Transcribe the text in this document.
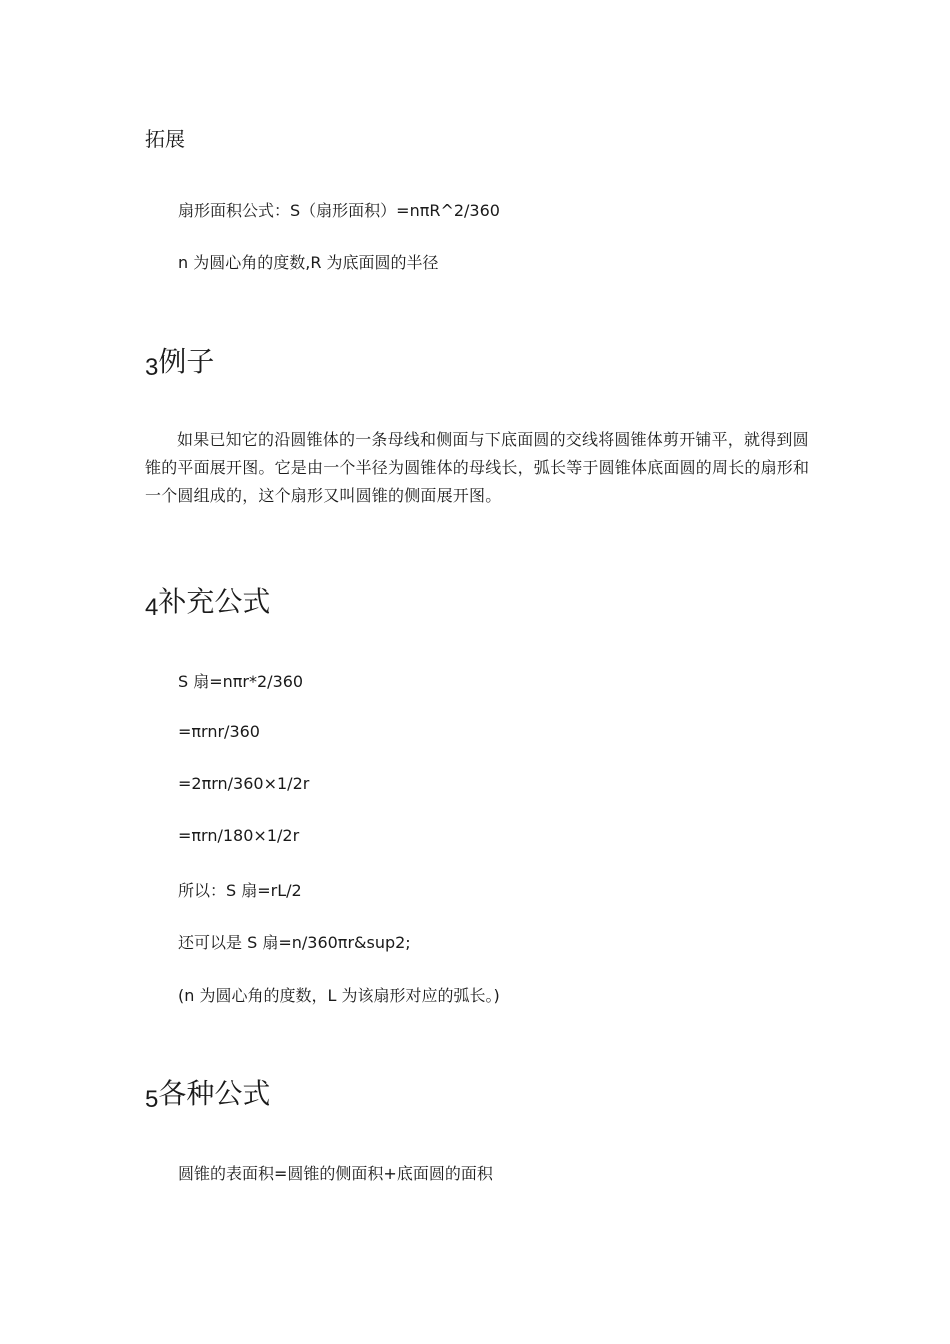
拓展
扇形面积公式：S（扇形面积）=nπR^2/360
n 为圆心角的度数,R 为底面圆的半径
3例子
如果已知它的沿圆锥体的一条母线和侧面与下底面圆的交线将圆锥体剪开铺平，就得到圆锥的平面展开图。它是由一个半径为圆锥体的母线长，弧长等于圆锥体底面圆的周长的扇形和一个圆组成的，这个扇形又叫圆锥的侧面展开图。
4补充公式
S 扇=nπr*2/360
=πrnr/360
=2πrn/360×1/2r
=πrn/180×1/2r
所以：S 扇=rL/2
还可以是 S 扇=n/360πr&sup2;
(n 为圆心角的度数，L 为该扇形对应的弧长。)
5各种公式
圆锥的表面积=圆锥的侧面积+底面圆的面积
